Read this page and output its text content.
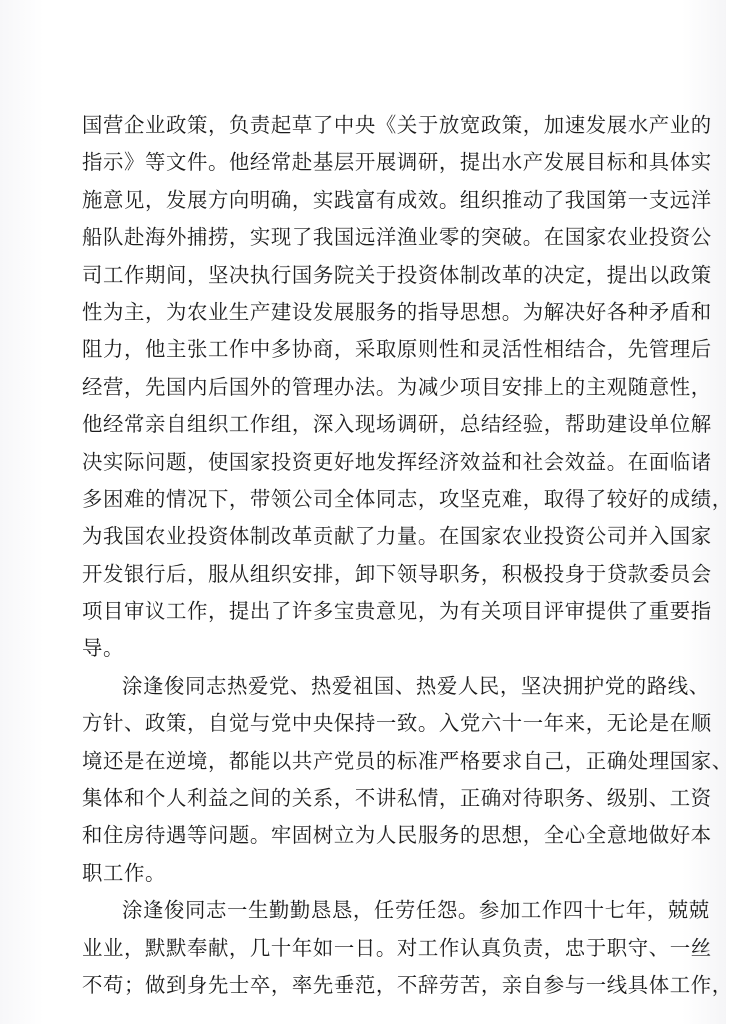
国营企业政策，负责起草了中央《关于放宽政策，加速发展水产业的
指示》等文件。他经常赴基层开展调研，提出水产发展目标和具体实
施意见，发展方向明确，实践富有成效。组织推动了我国第一支远洋
船队赴海外捕捞，实现了我国远洋渔业零的突破。在国家农业投资公
司工作期间，坚决执行国务院关于投资体制改革的决定，提出以政策
性为主，为农业生产建设发展服务的指导思想。为解决好各种矛盾和
阻力，他主张工作中多协商，采取原则性和灵活性相结合，先管理后
经营，先国内后国外的管理办法。为减少项目安排上的主观随意性，
他经常亲自组织工作组，深入现场调研，总结经验，帮助建设单位解
决实际问题，使国家投资更好地发挥经济效益和社会效益。在面临诸
多困难的情况下，带领公司全体同志，攻坚克难，取得了较好的成绩，
为我国农业投资体制改革贡献了力量。在国家农业投资公司并入国家
开发银行后，服从组织安排，卸下领导职务，积极投身于贷款委员会
项目审议工作，提出了许多宝贵意见，为有关项目评审提供了重要指
导。
涂逢俊同志热爱党、热爱祖国、热爱人民，坚决拥护党的路线、
方针、政策，自觉与党中央保持一致。入党六十一年来，无论是在顺
境还是在逆境，都能以共产党员的标准严格要求自己，正确处理国家、
集体和个人利益之间的关系，不讲私情，正确对待职务、级别、工资
和住房待遇等问题。牢固树立为人民服务的思想，全心全意地做好本
职工作。
涂逢俊同志一生勤勤恳恳，任劳任怨。参加工作四十七年，兢兢
业业，默默奉献，几十年如一日。对工作认真负责，忠于职守、一丝
不苟；做到身先士卒，率先垂范，不辞劳苦，亲自参与一线具体工作，
